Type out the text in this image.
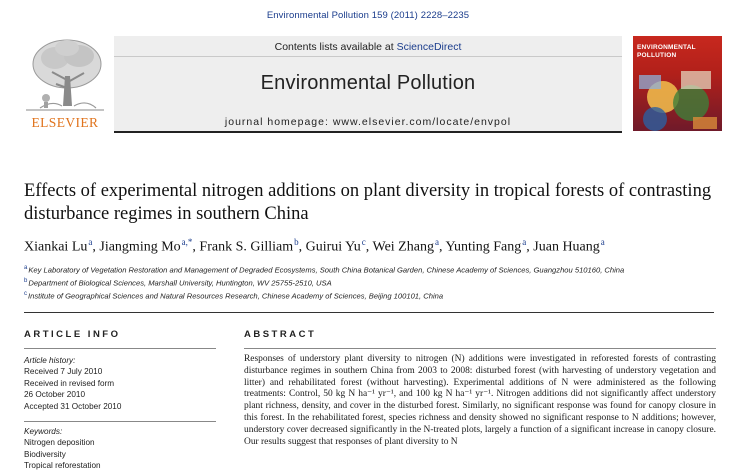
Environmental Pollution 159 (2011) 2228–2235
ELSEVIER
Contents lists available at ScienceDirect
Environmental Pollution
journal homepage: www.elsevier.com/locate/envpol
ENVIRONMENTAL
POLLUTION
Effects of experimental nitrogen additions on plant diversity in tropical forests of contrasting disturbance regimes in southern China
Xiankai Lu$^a$, Jiangming $Mo^{a,*}$, Frank S. Gilliam$^b$, Guirui Yu$^c$, Wei Zhang$^a$, Yunting Fang$^a$, Juan Huang$^a$
$^a$Key Laboratory of Vegetation Restoration and Management of Degraded Ecosystems, South China Botanical Garden, Chinese Academy of Sciences, Guangzhou 510160, China
$^b$Department of Biological Sciences, Marshall University, Huntington, WV 25755-2510, USA
$^c$Institute of Geographical Sciences and Natural Resources Research, Chinese Academy of Sciences, Beijing 100101, China
ARTICLE INFO
Article history:
Received 7 July 2010
Received in revised form
26 October 2010
Accepted 31 October 2010
Keywords:
Nitrogen deposition
Biodiversity
Tropical reforestation
ABSTRACT
Responses of understory plant diversity to nitrogen (N) additions were investigated in reforested forests of contrasting disturbance regimes in southern China from 2003 to 2008: disturbed forest (with harvesting of understory vegetation and litter) and rehabilitated forest (without harvesting). Experimental additions of N were administered as the following treatments: Control, 50 kg N ha⁻¹ yr⁻¹, and 100 kg N ha⁻¹ yr⁻¹. Nitrogen additions did not significantly affect understory plant richness, density, and cover in the disturbed forest. Similarly, no significant response was found for canopy closure in this forest. In the rehabilitated forest, species richness and density showed no significant response to N additions; however, understory cover decreased significantly in the N-treated plots, largely a function of a significant increase in canopy closure. Our results suggest that responses of plant diversity to N
